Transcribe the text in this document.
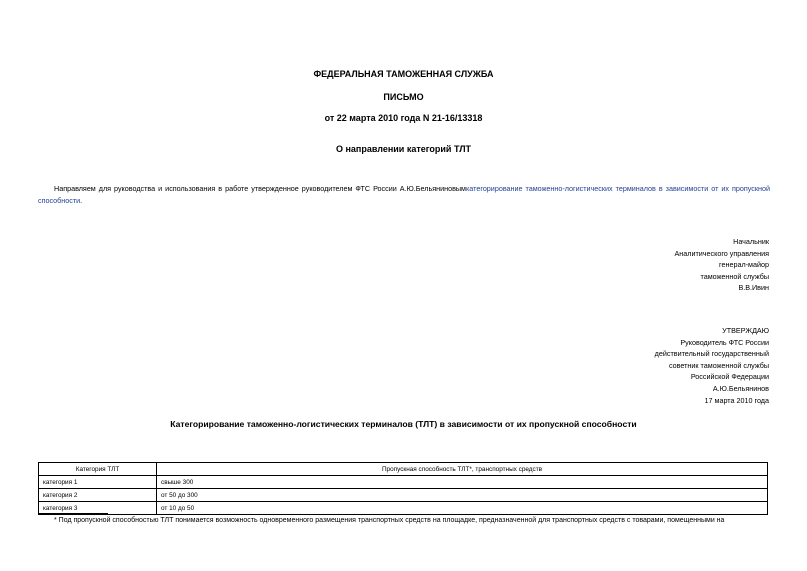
ФЕДЕРАЛЬНАЯ ТАМОЖЕННАЯ СЛУЖБА
ПИСЬМО
от 22 марта 2010 года N 21-16/13318
О направлении категорий ТЛТ
Направляем для руководства и использования в работе утвержденное руководителем ФТС России А.Ю.Бельяниновымкатегорирование таможенно-логистических терминалов в зависимости от их пропускной способности.
Начальник
Аналитического управления
генерал-майор
таможенной службы
В.В.Ивин
УТВЕРЖДАЮ
Руководитель ФТС России
действительный государственный
советник таможенной службы
Российской Федерации
А.Ю.Бельянинов
17 марта 2010 года
Категорирование таможенно-логистических терминалов (ТЛТ) в зависимости от их пропускной способности
Категория ТЛТ	Пропускная способность ТЛТ*, транспортных средств
категория 1	свыше 300
категория 2	от 50 до 300
категория 3	от 10 до 50
* Под пропускной способностью ТЛТ понимается возможность одновременного размещения транспортных средств на площадке, предназначенной для транспортных средств с товарами, помещенными на
